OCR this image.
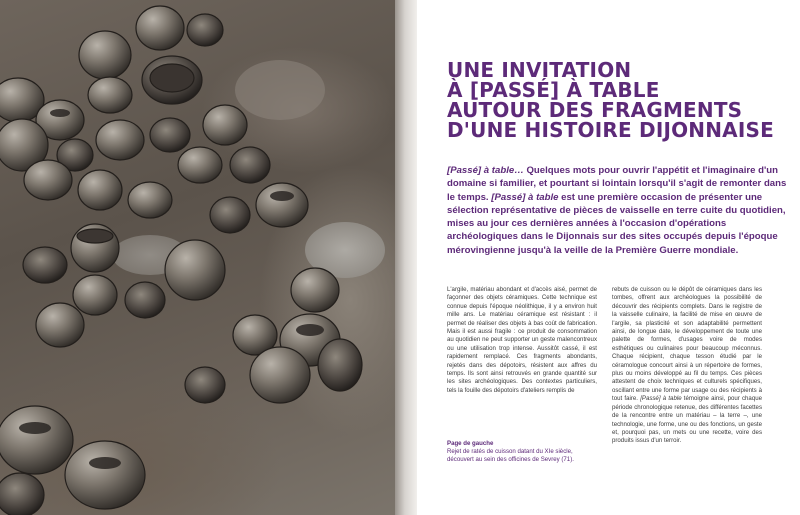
UNE INVITATION
À [PASSÉ] À TABLE
AUTOUR DES FRAGMENTS
D'UNE HISTOIRE DIJONNAISE
[Passé] à table… Quelques mots pour ouvrir l'appétit et l'imaginaire d'un domaine si familier, et pourtant si lointain lorsqu'il s'agit de remonter dans le temps. [Passé] à table est une première occasion de présenter une sélection représentative de pièces de vaisselle en terre cuite du quotidien, mises au jour ces dernières années à l'occasion d'opérations archéologiques dans le Dijonnais sur des sites occupés depuis l'époque mérovingienne jusqu'à la veille de la Première Guerre mondiale.
L'argile, matériau abondant et d'accès aisé, permet de façonner des objets céramiques. Cette technique est connue depuis l'époque néolithique, il y a environ huit mille ans. Le matériau céramique est résistant : il permet de réaliser des objets à bas coût de fabrication. Mais il est aussi fragile : ce produit de consommation au quotidien ne peut supporter un geste malencontreux ou une utilisation trop intense. Aussitôt cassé, il est rapidement remplacé. Ces fragments abondants, rejetés dans des dépotoirs, résistent aux affres du temps. Ils sont ainsi retrouvés en grande quantité sur les sites archéologiques. Des contextes particuliers, tels la fouille des dépotoirs d'ateliers remplis de
rebuts de cuisson ou le dépôt de céramiques dans les tombes, offrent aux archéologues la possibilité de découvrir des récipients complets. Dans le registre de la vaisselle culinaire, la facilité de mise en œuvre de l'argile, sa plasticité et son adaptabilité permettent ainsi, de longue date, le développement de toute une palette de formes, d'usages voire de modes esthétiques ou culinaires pour beaucoup méconnus. Chaque récipient, chaque tesson étudié par le céramologue concourt ainsi à un répertoire de formes, plus ou moins développé au fil du temps. Ces pièces attestent de choix techniques et culturels spécifiques, oscillant entre une forme par usage ou des récipients à tout faire. [Passé] à table témoigne ainsi, pour chaque période chronologique retenue, des différentes facettes de la rencontre entre un matériau – la terre –, une technologie, une forme, une ou des fonctions, un geste et, pourquoi pas, un mets ou une recette, voire des produits issus d'un terroir.
Page de gauche
Rejet de ratés de cuisson datant du XIe siècle, découvert au sein des officines de Sevrey (71).
